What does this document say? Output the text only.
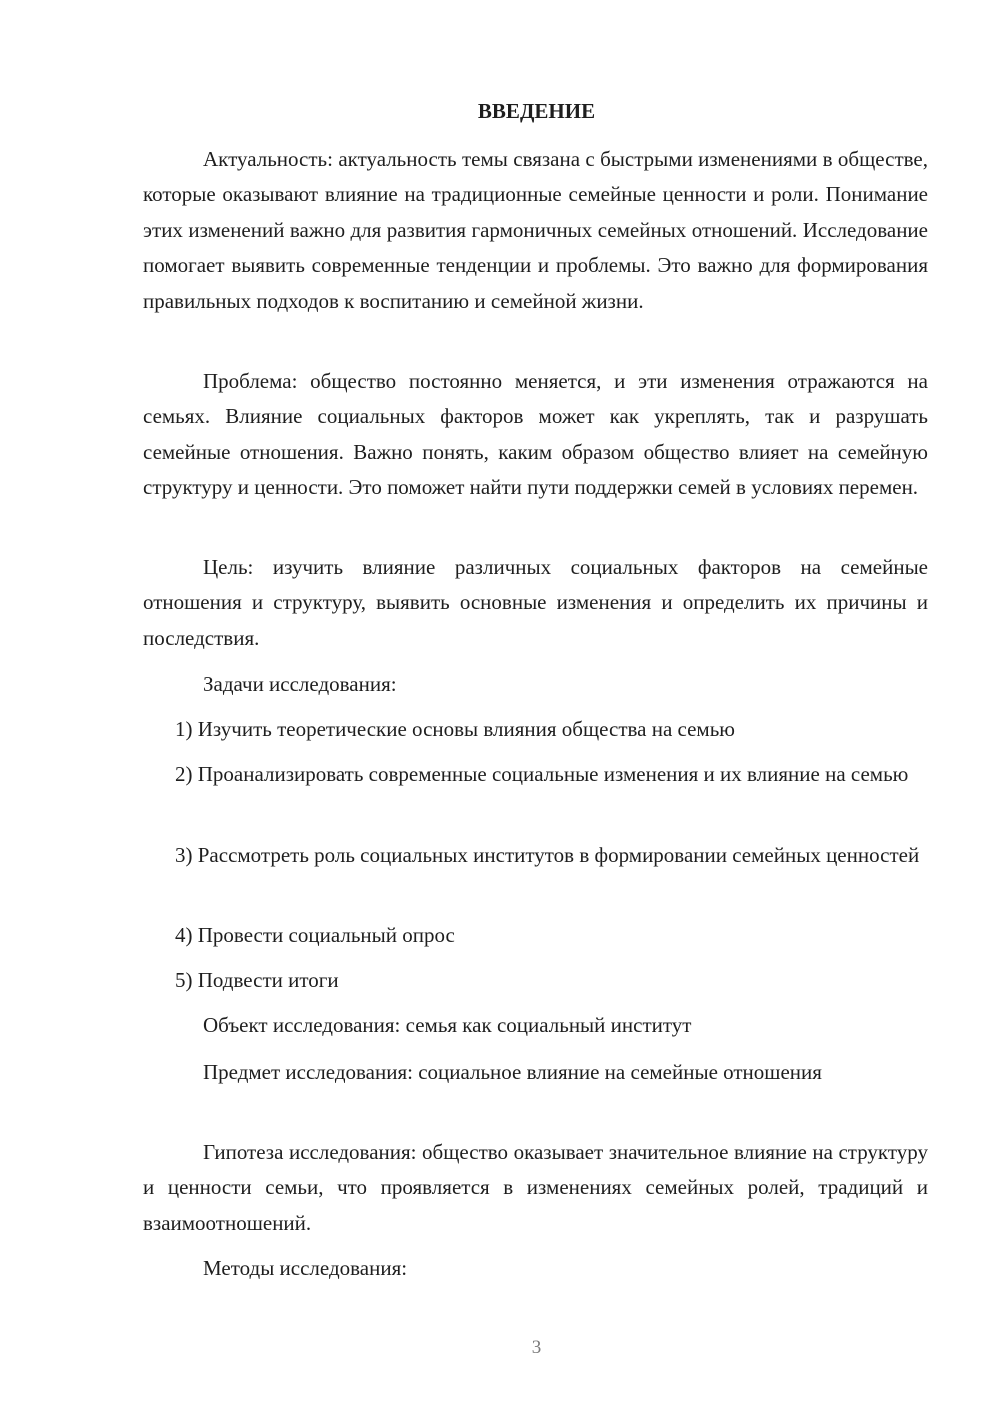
ВВЕДЕНИЕ

Актуальность: актуальность темы связана с быстрыми изменениями в обществе, которые оказывают влияние на традиционные семейные ценности и роли. Понимание этих изменений важно для развития гармоничных семейных отношений. Исследование помогает выявить современные тенденции и проблемы. Это важно для формирования правильных подходов к воспитанию и семейной жизни.

Проблема: общество постоянно меняется, и эти изменения отражаются на семьях. Влияние социальных факторов может как укреплять, так и разрушать семейные отношения. Важно понять, каким образом общество влияет на семейную структуру и ценности. Это поможет найти пути поддержки семей в условиях перемен.

Цель: изучить влияние различных социальных факторов на семейные отношения и структуру, выявить основные изменения и определить их причины и последствия.

Задачи исследования:

1) Изучить теоретические основы влияния общества на семью

2) Проанализировать современные социальные изменения и их влияние на семью

3) Рассмотреть роль социальных институтов в формировании семейных ценностей

4) Провести социальный опрос

5) Подвести итоги

Объект исследования: семья как социальный институт

Предмет исследования: социальное влияние на семейные отношения

Гипотеза исследования: общество оказывает значительное влияние на структуру и ценности семьи, что проявляется в изменениях семейных ролей, традиций и взаимоотношений.

Методы исследования:

3
